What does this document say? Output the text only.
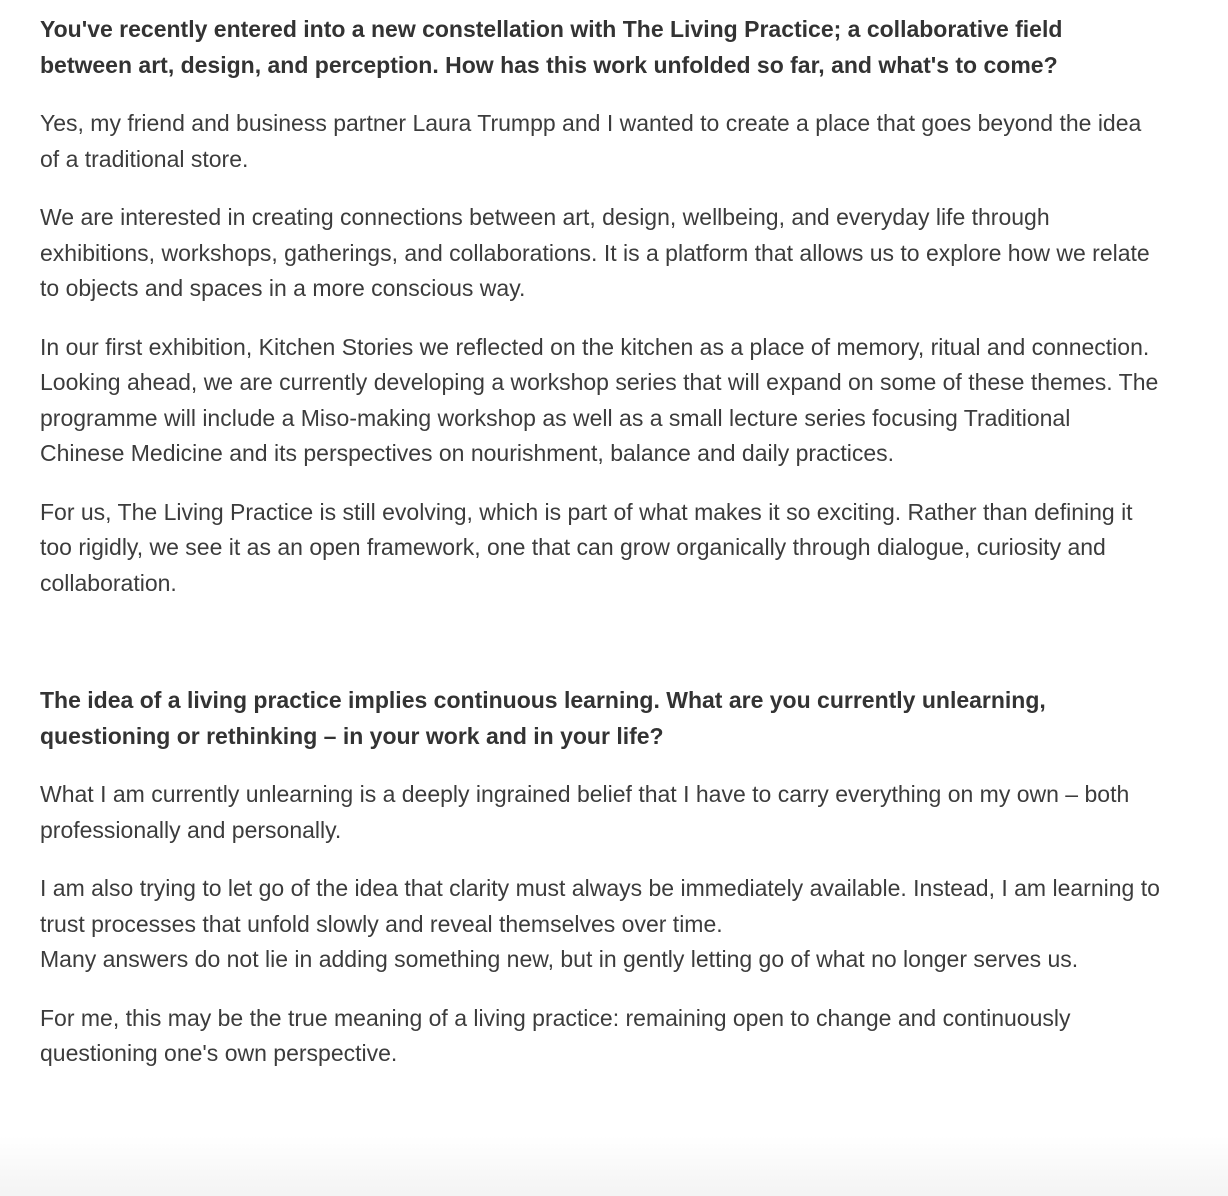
You've recently entered into a new constellation with The Living Practice; a collaborative field between art, design, and perception. How has this work unfolded so far, and what's to come?

Yes, my friend and business partner Laura Trumpp and I wanted to create a place that goes beyond the idea of a traditional store.

We are interested in creating connections between art, design, wellbeing, and everyday life through exhibitions, workshops, gatherings, and collaborations. It is a platform that allows us to explore how we relate to objects and spaces in a more conscious way.

In our first exhibition, Kitchen Stories we reflected on the kitchen as a place of memory, ritual and connection. Looking ahead, we are currently developing a workshop series that will expand on some of these themes. The programme will include a Miso-making workshop as well as a small lecture series focusing Traditional Chinese Medicine and its perspectives on nourishment, balance and daily practices.

For us, The Living Practice is still evolving, which is part of what makes it so exciting. Rather than defining it too rigidly, we see it as an open framework, one that can grow organically through dialogue, curiosity and collaboration.

The idea of a living practice implies continuous learning. What are you currently unlearning, questioning or rethinking – in your work and in your life?

What I am currently unlearning is a deeply ingrained belief that I have to carry everything on my own – both professionally and personally.

I am also trying to let go of the idea that clarity must always be immediately available. Instead, I am learning to trust processes that unfold slowly and reveal themselves over time.
Many answers do not lie in adding something new, but in gently letting go of what no longer serves us.

For me, this may be the true meaning of a living practice: remaining open to change and continuously questioning one's own perspective.
